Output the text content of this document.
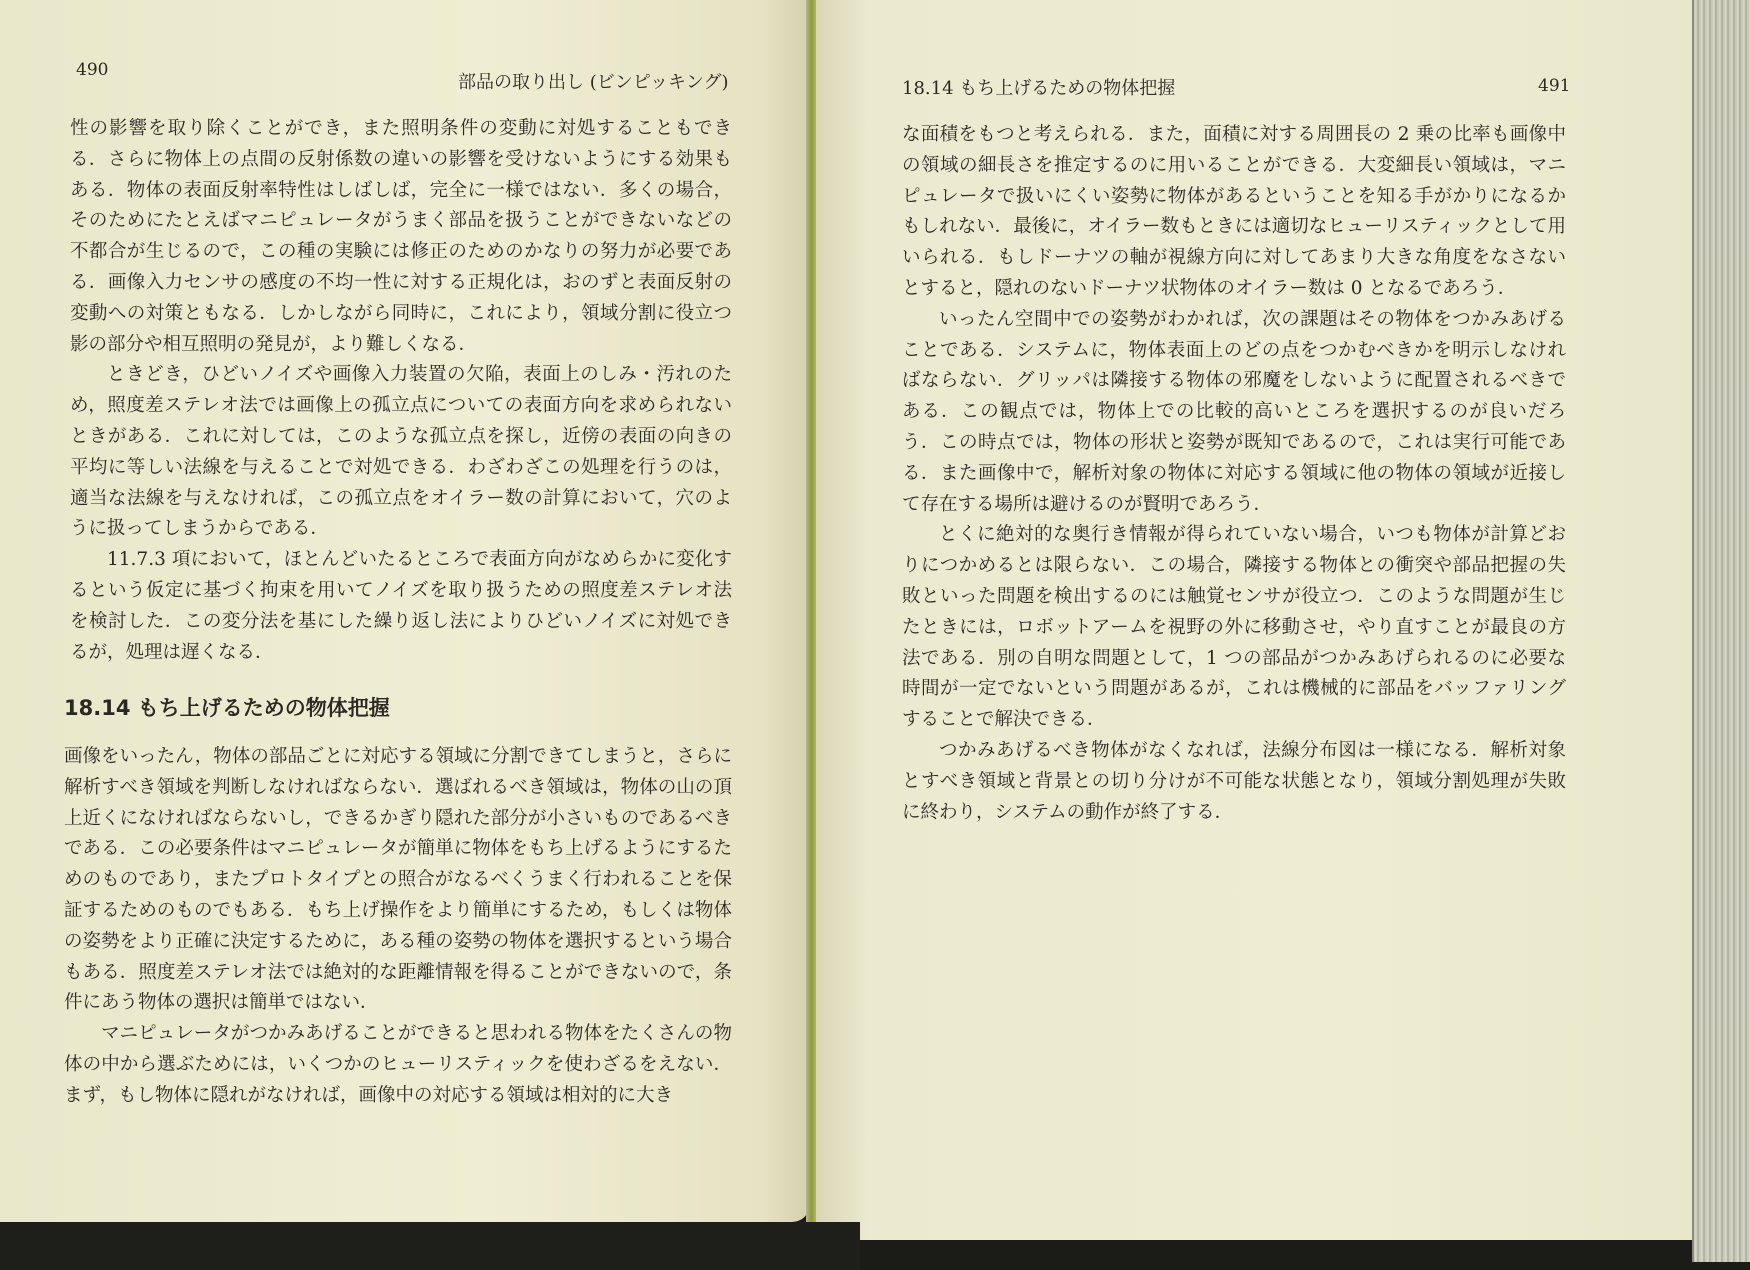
490
部品の取り出し (ビンピッキング)

性の影響を取り除くことができ，また照明条件の変動に対処することもできる．さらに物体上の点間の反射係数の違いの影響を受けないようにする効果もある．物体の表面反射率特性はしばしば，完全に一様ではない．多くの場合，そのためにたとえばマニピュレータがうまく部品を扱うことができないなどの不都合が生じるので，この種の実験には修正のためのかなりの努力が必要である．画像入力センサの感度の不均一性に対する正規化は，おのずと表面反射の変動への対策ともなる．しかしながら同時に，これにより，領域分割に役立つ影の部分や相互照明の発見が，より難しくなる．

ときどき，ひどいノイズや画像入力装置の欠陥，表面上のしみ・汚れのため，照度差ステレオ法では画像上の孤立点についての表面方向を求められないときがある．これに対しては，このような孤立点を探し，近傍の表面の向きの平均に等しい法線を与えることで対処できる．わざわざこの処理を行うのは，適当な法線を与えなければ，この孤立点をオイラー数の計算において，穴のように扱ってしまうからである．

11.7.3 項において，ほとんどいたるところで表面方向がなめらかに変化するという仮定に基づく拘束を用いてノイズを取り扱うための照度差ステレオ法を検討した．この変分法を基にした繰り返し法によりひどいノイズに対処できるが，処理は遅くなる．

18.14 もち上げるための物体把握

画像をいったん，物体の部品ごとに対応する領域に分割できてしまうと，さらに解析すべき領域を判断しなければならない．選ばれるべき領域は，物体の山の頂上近くになければならないし，できるかぎり隠れた部分が小さいものであるべきである．この必要条件はマニピュレータが簡単に物体をもち上げるようにするためのものであり，またプロトタイプとの照合がなるべくうまく行われることを保証するためのものでもある．もち上げ操作をより簡単にするため，もしくは物体の姿勢をより正確に決定するために，ある種の姿勢の物体を選択するという場合もある．照度差ステレオ法では絶対的な距離情報を得ることができないので，条件にあう物体の選択は簡単ではない．

マニピュレータがつかみあげることができると思われる物体をたくさんの物体の中から選ぶためには，いくつかのヒューリスティックを使わざるをえない．まず，もし物体に隠れがなければ，画像中の対応する領域は相対的に大き

18.14 もち上げるための物体把握	491

な面積をもつと考えられる．また，面積に対する周囲長の 2 乗の比率も画像中の領域の細長さを推定するのに用いることができる．大変細長い領域は，マニピュレータで扱いにくい姿勢に物体があるということを知る手がかりになるかもしれない．最後に，オイラー数もときには適切なヒューリスティックとして用いられる．もしドーナツの軸が視線方向に対してあまり大きな角度をなさないとすると，隠れのないドーナツ状物体のオイラー数は 0 となるであろう．

いったん空間中での姿勢がわかれば，次の課題はその物体をつかみあげることである．システムに，物体表面上のどの点をつかむべきかを明示しなければならない．グリッパは隣接する物体の邪魔をしないように配置されるべきである．この観点では，物体上での比較的高いところを選択するのが良いだろう．この時点では，物体の形状と姿勢が既知であるので，これは実行可能である．また画像中で，解析対象の物体に対応する領域に他の物体の領域が近接して存在する場所は避けるのが賢明であろう．

とくに絶対的な奥行き情報が得られていない場合，いつも物体が計算どおりにつかめるとは限らない．この場合，隣接する物体との衝突や部品把握の失敗といった問題を検出するのには触覚センサが役立つ．このような問題が生じたときには，ロボットアームを視野の外に移動させ，やり直すことが最良の方法である．別の自明な問題として，1 つの部品がつかみあげられるのに必要な時間が一定でないという問題があるが，これは機械的に部品をバッファリングすることで解決できる．

つかみあげるべき物体がなくなれば，法線分布図は一様になる．解析対象とすべき領域と背景との切り分けが不可能な状態となり，領域分割処理が失敗に終わり，システムの動作が終了する．
